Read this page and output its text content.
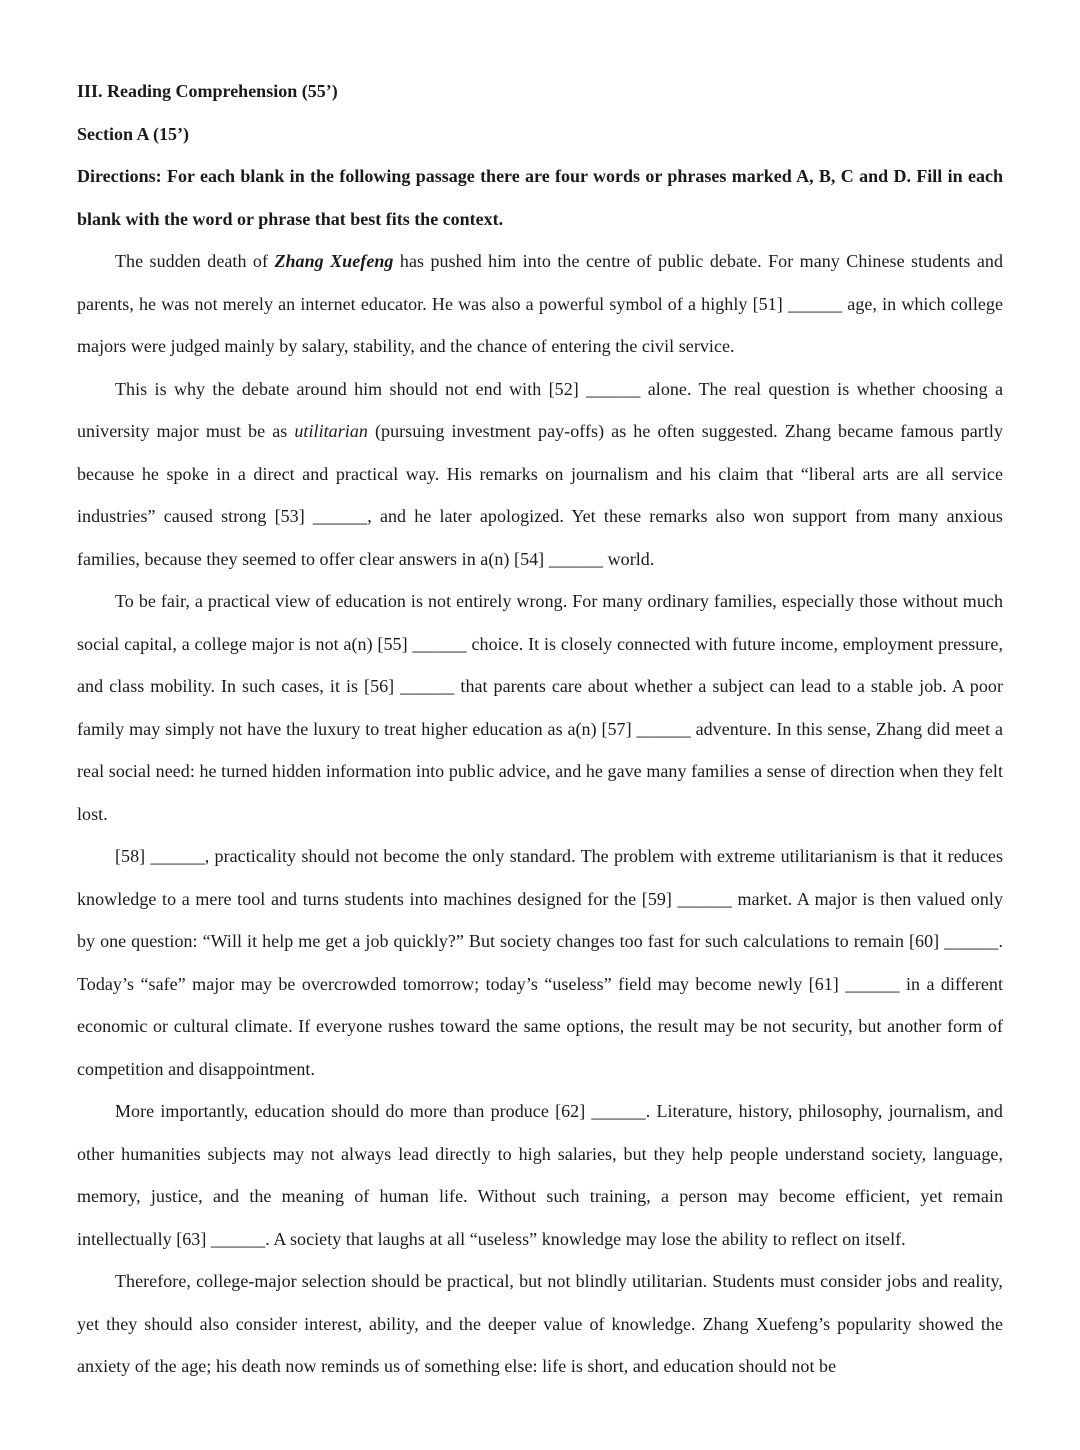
III. Reading Comprehension (55’)

Section A (15’)

Directions: For each blank in the following passage there are four words or phrases marked A, B, C and D. Fill in each blank with the word or phrase that best fits the context.

The sudden death of Zhang Xuefeng has pushed him into the centre of public debate. For many Chinese students and parents, he was not merely an internet educator. He was also a powerful symbol of a highly [51] ______ age, in which college majors were judged mainly by salary, stability, and the chance of entering the civil service.

This is why the debate around him should not end with [52] ______ alone. The real question is whether choosing a university major must be as utilitarian (pursuing investment pay-offs) as he often suggested. Zhang became famous partly because he spoke in a direct and practical way. His remarks on journalism and his claim that “liberal arts are all service industries” caused strong [53] ______, and he later apologized. Yet these remarks also won support from many anxious families, because they seemed to offer clear answers in a(n) [54] ______ world.

To be fair, a practical view of education is not entirely wrong. For many ordinary families, especially those without much social capital, a college major is not a(n) [55] ______ choice. It is closely connected with future income, employment pressure, and class mobility. In such cases, it is [56] ______ that parents care about whether a subject can lead to a stable job. A poor family may simply not have the luxury to treat higher education as a(n) [57] ______ adventure. In this sense, Zhang did meet a real social need: he turned hidden information into public advice, and he gave many families a sense of direction when they felt lost.

[58] ______, practicality should not become the only standard. The problem with extreme utilitarianism is that it reduces knowledge to a mere tool and turns students into machines designed for the [59] ______ market. A major is then valued only by one question: “Will it help me get a job quickly?” But society changes too fast for such calculations to remain [60] ______. Today’s “safe” major may be overcrowded tomorrow; today’s “useless” field may become newly [61] ______ in a different economic or cultural climate. If everyone rushes toward the same options, the result may be not security, but another form of competition and disappointment.

More importantly, education should do more than produce [62] ______. Literature, history, philosophy, journalism, and other humanities subjects may not always lead directly to high salaries, but they help people understand society, language, memory, justice, and the meaning of human life. Without such training, a person may become efficient, yet remain intellectually [63] ______. A society that laughs at all “useless” knowledge may lose the ability to reflect on itself.

Therefore, college-major selection should be practical, but not blindly utilitarian. Students must consider jobs and reality, yet they should also consider interest, ability, and the deeper value of knowledge. Zhang Xuefeng’s popularity showed the anxiety of the age; his death now reminds us of something else: life is short, and education should not be
